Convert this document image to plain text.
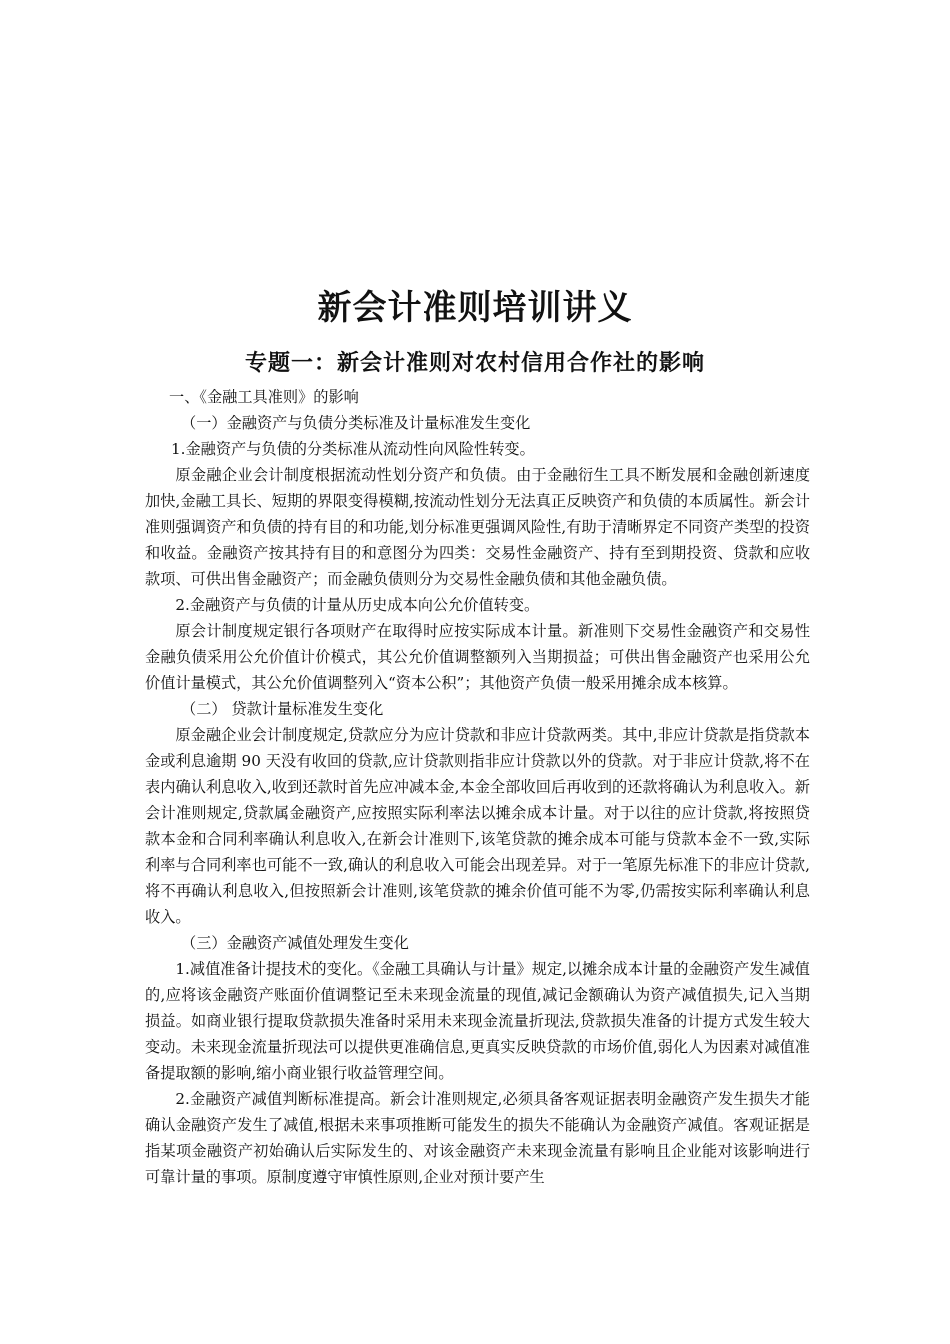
新会计准则培训讲义
专题一：新会计准则对农村信用合作社的影响

一、《金融工具准则》的影响

（一）金融资产与负债分类标准及计量标准发生变化

1.金融资产与负债的分类标准从流动性向风险性转变。

原金融企业会计制度根据流动性划分资产和负债。由于金融衍生工具不断发展和金融创新速度加快,金融工具长、短期的界限变得模糊,按流动性划分无法真正反映资产和负债的本质属性。新会计准则强调资产和负债的持有目的和功能,划分标准更强调风险性,有助于清晰界定不同资产类型的投资和收益。金融资产按其持有目的和意图分为四类：交易性金融资产、持有至到期投资、贷款和应收款项、可供出售金融资产；而金融负债则分为交易性金融负债和其他金融负债。

2.金融资产与负债的计量从历史成本向公允价值转变。

原会计制度规定银行各项财产在取得时应按实际成本计量。新准则下交易性金融资产和交易性金融负债采用公允价值计价模式，其公允价值调整额列入当期损益；可供出售金融资产也采用公允价值计量模式，其公允价值调整列入“资本公积”；其他资产负债一般采用摊余成本核算。

（二） 贷款计量标准发生变化

原金融企业会计制度规定,贷款应分为应计贷款和非应计贷款两类。其中,非应计贷款是指贷款本金或利息逾期 90 天没有收回的贷款,应计贷款则指非应计贷款以外的贷款。对于非应计贷款,将不在表内确认利息收入,收到还款时首先应冲减本金,本金全部收回后再收到的还款将确认为利息收入。新会计准则规定,贷款属金融资产,应按照实际利率法以摊余成本计量。对于以往的应计贷款,将按照贷款本金和合同利率确认利息收入,在新会计准则下,该笔贷款的摊余成本可能与贷款本金不一致,实际利率与合同利率也可能不一致,确认的利息收入可能会出现差异。对于一笔原先标准下的非应计贷款,将不再确认利息收入,但按照新会计准则,该笔贷款的摊余价值可能不为零,仍需按实际利率确认利息收入。

（三）金融资产减值处理发生变化

1.减值准备计提技术的变化。《金融工具确认与计量》规定,以摊余成本计量的金融资产发生减值的,应将该金融资产账面价值调整记至未来现金流量的现值,减记金额确认为资产减值损失,记入当期损益。如商业银行提取贷款损失准备时采用未来现金流量折现法,贷款损失准备的计提方式发生较大变动。未来现金流量折现法可以提供更准确信息,更真实反映贷款的市场价值,弱化人为因素对减值准备提取额的影响,缩小商业银行收益管理空间。

2.金融资产减值判断标准提高。新会计准则规定,必须具备客观证据表明金融资产发生损失才能确认金融资产发生了减值,根据未来事项推断可能发生的损失不能确认为金融资产减值。客观证据是指某项金融资产初始确认后实际发生的、对该金融资产未来现金流量有影响且企业能对该影响进行可靠计量的事项。原制度遵守审慎性原则,企业对预计要产生
